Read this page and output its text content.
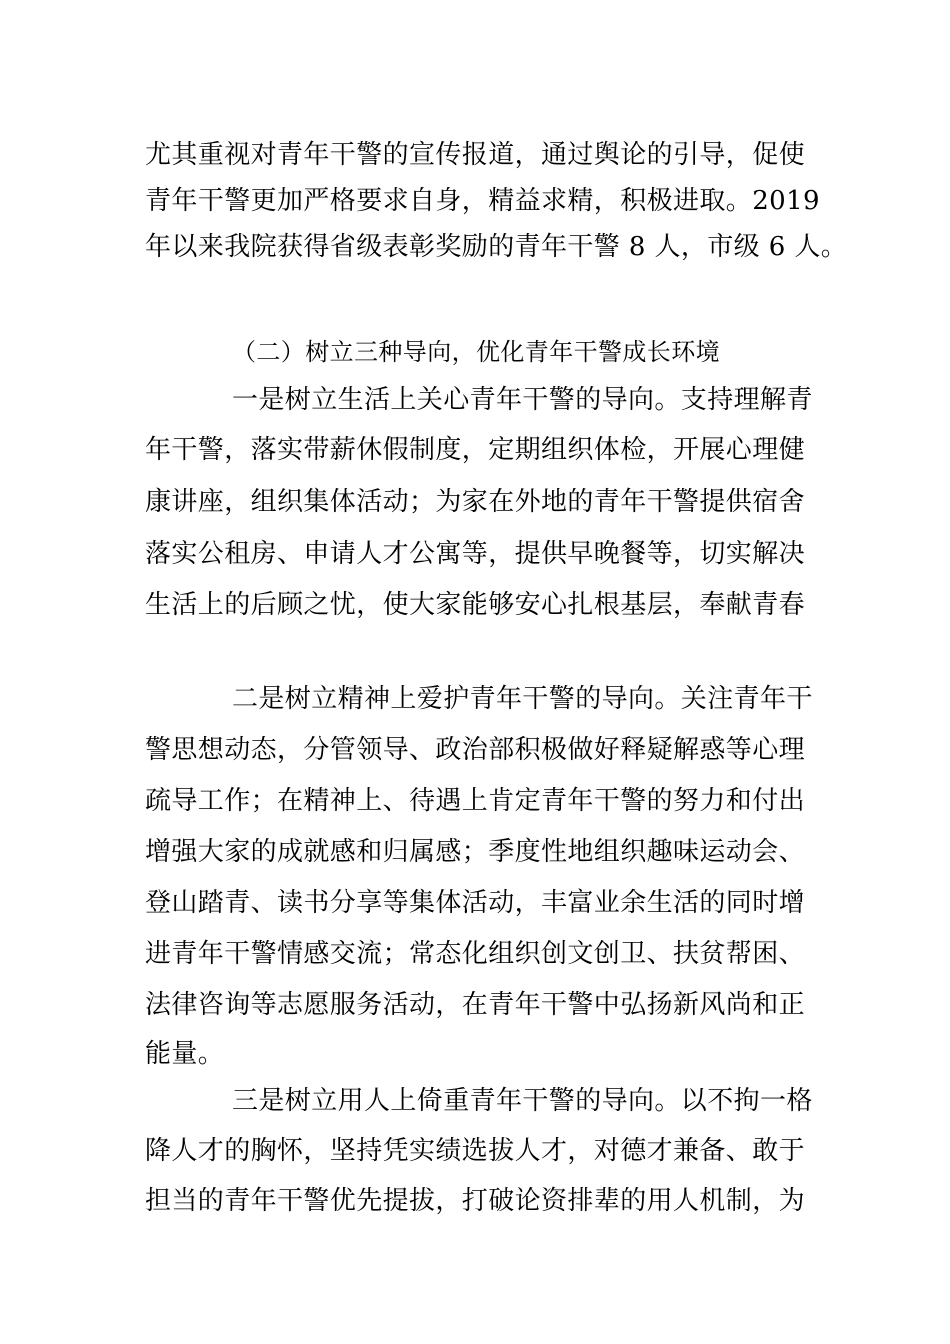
尤其重视对青年干警的宣传报道，通过舆论的引导，促使
青年干警更加严格要求自身，精益求精，积极进取。2019
年以来我院获得省级表彰奖励的青年干警 8 人，市级 6 人。
（二）树立三种导向，优化青年干警成长环境
一是树立生活上关心青年干警的导向。支持理解青
年干警，落实带薪休假制度，定期组织体检，开展心理健
康讲座，组织集体活动；为家在外地的青年干警提供宿舍
落实公租房、申请人才公寓等，提供早晚餐等，切实解决
生活上的后顾之忧，使大家能够安心扎根基层，奉献青春
二是树立精神上爱护青年干警的导向。关注青年干
警思想动态，分管领导、政治部积极做好释疑解惑等心理
疏导工作；在精神上、待遇上肯定青年干警的努力和付出
增强大家的成就感和归属感；季度性地组织趣味运动会、
登山踏青、读书分享等集体活动，丰富业余生活的同时增
进青年干警情感交流；常态化组织创文创卫、扶贫帮困、
法律咨询等志愿服务活动，在青年干警中弘扬新风尚和正
能量。
三是树立用人上倚重青年干警的导向。以不拘一格
降人才的胸怀，坚持凭实绩选拔人才，对德才兼备、敢于
担当的青年干警优先提拔，打破论资排辈的用人机制，为
